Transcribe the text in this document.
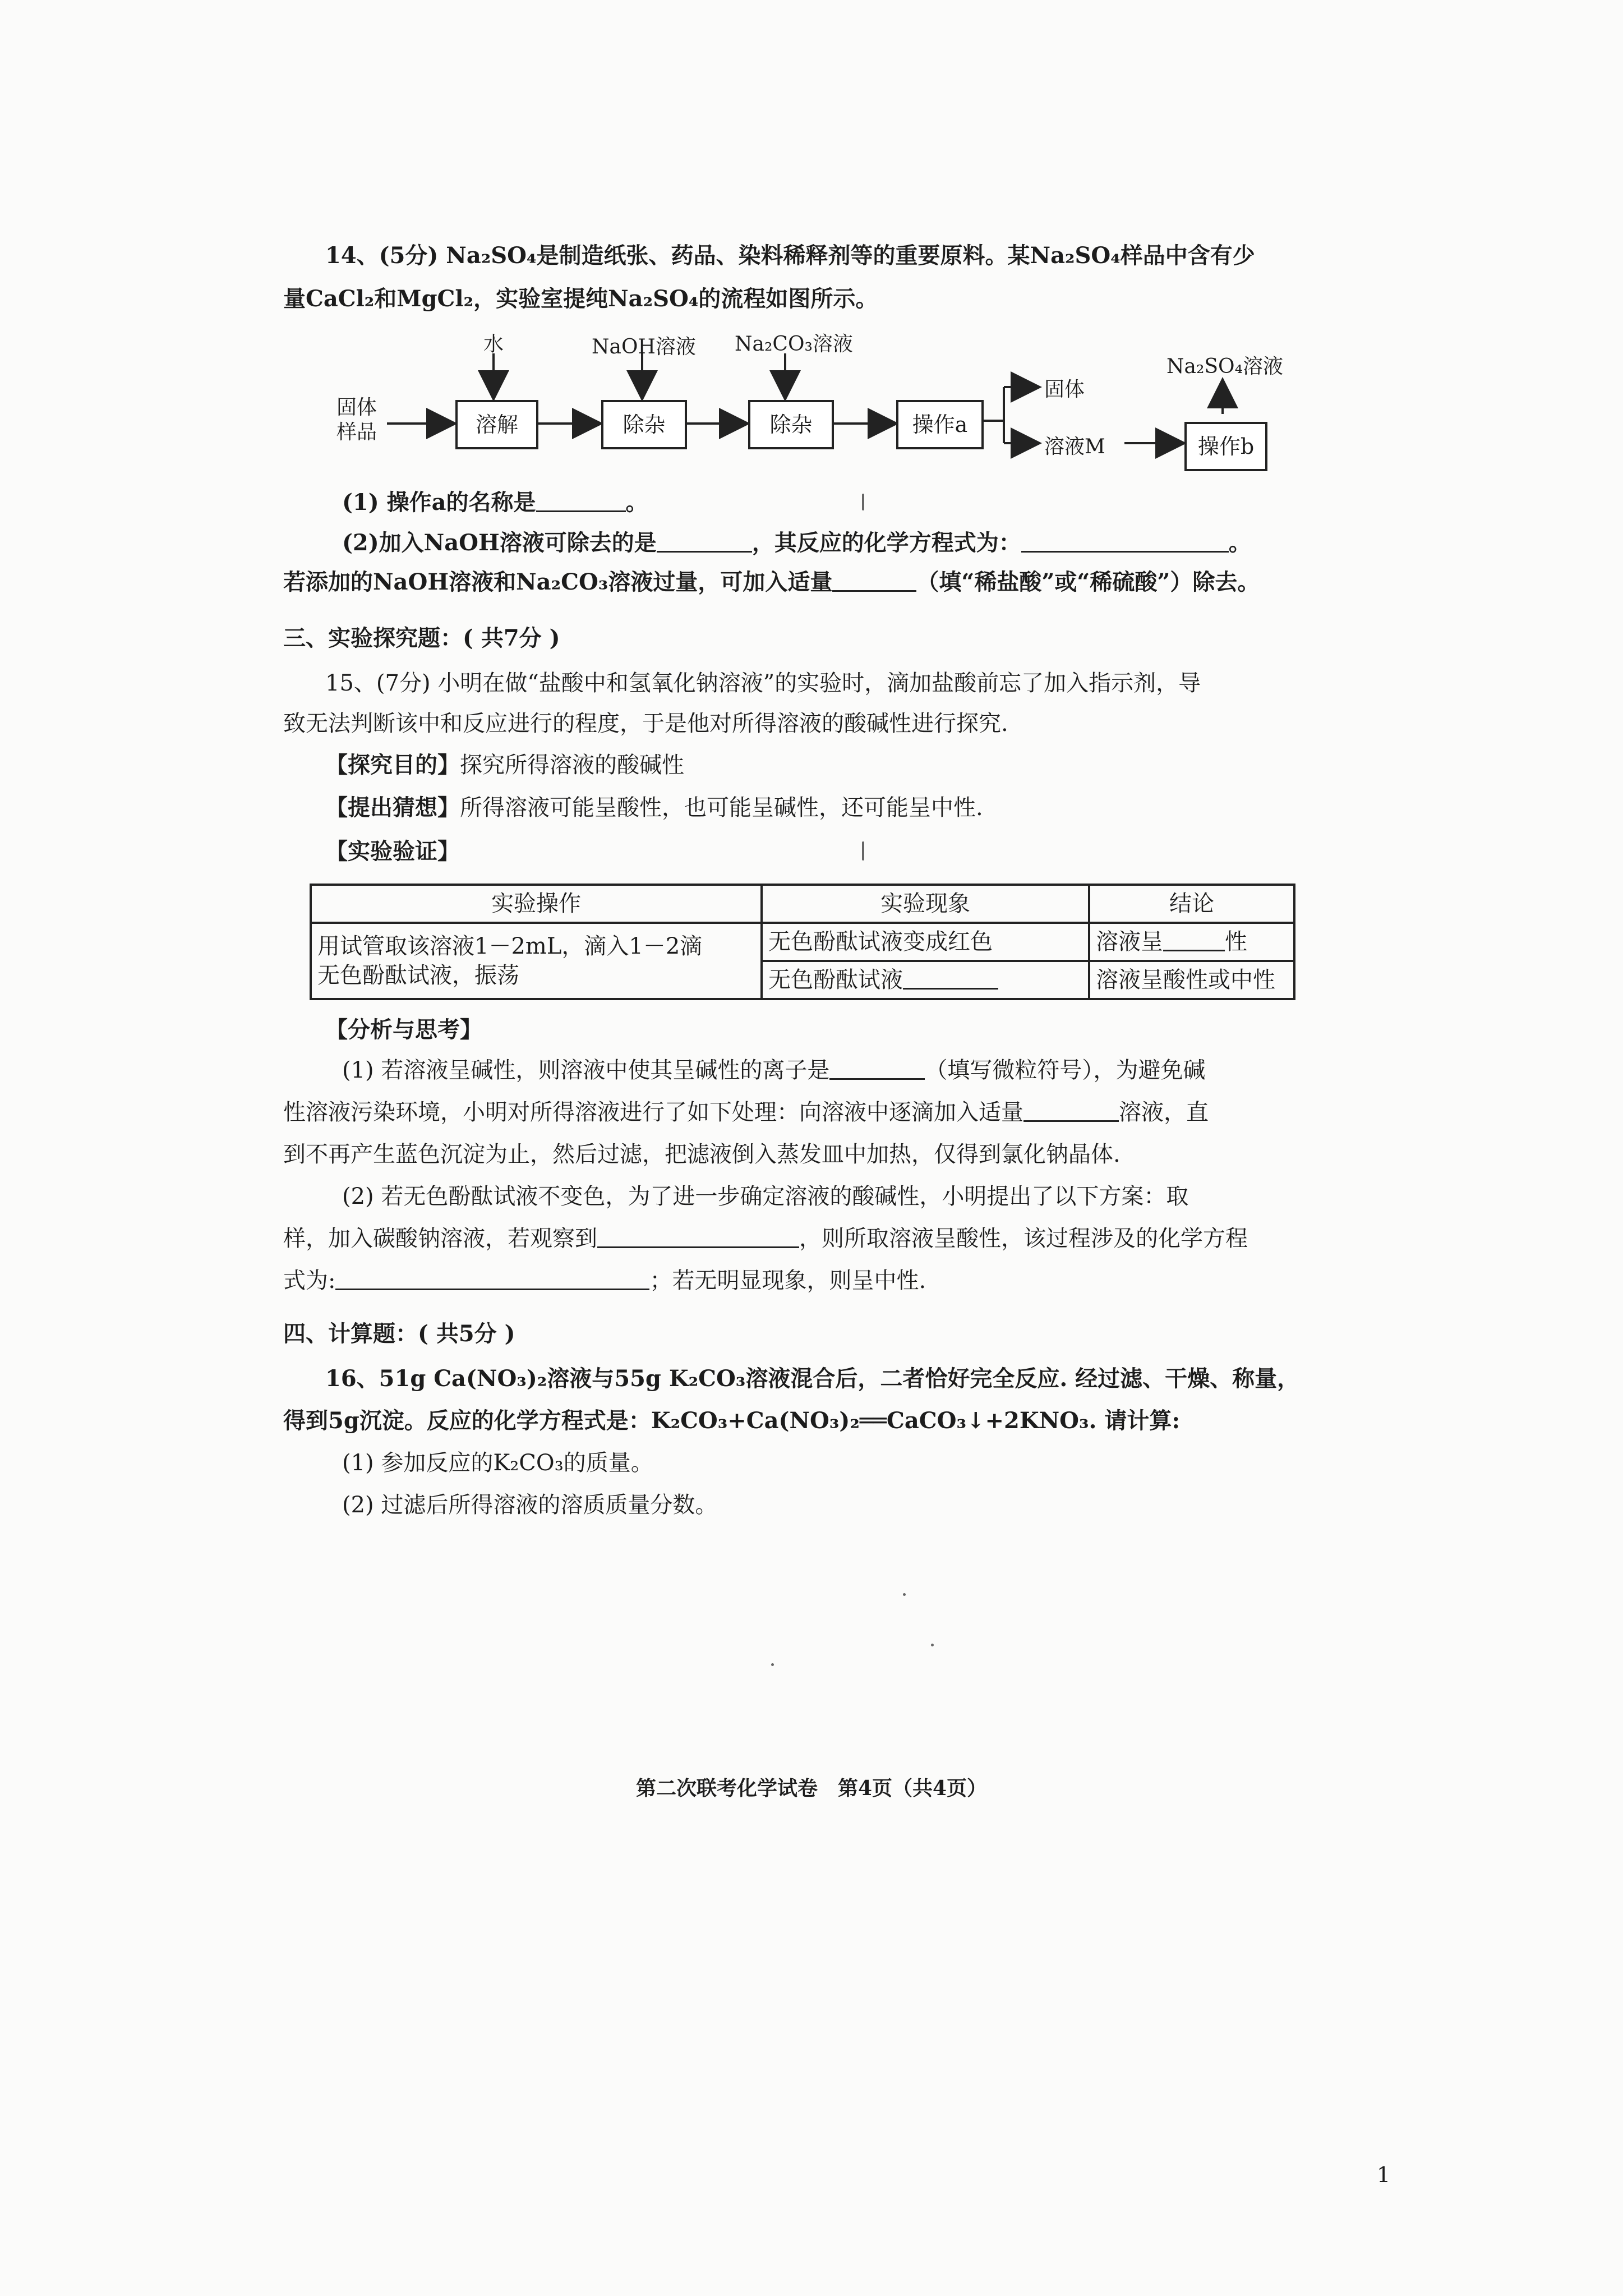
14、(5分) Na₂SO₄是制造纸张、药品、染料稀释剂等的重要原料。某Na₂SO₄样品中含有少
量CaCl₂和MgCl₂，实验室提纯Na₂SO₄的流程如图所示。
固体
样品	溶解	除杂	除杂	操作a
操作b
水	NaOH溶液 Na₂CO₃溶液
固体
溶液M
Na₂SO₄溶液
(1) 操作a的名称是	。
(2)加入NaOH溶液可除去的是	，其反应的化学方程式为：	。
若添加的NaOH溶液和Na₂CO₃溶液过量，可加入适量	（填“稀盐酸”或“稀硫酸”）除去。
三、实验探究题：( 共7分 )
15、(7分) 小明在做“盐酸中和氢氧化钠溶液”的实验时，滴加盐酸前忘了加入指示剂，导
致无法判断该中和反应进行的程度，于是他对所得溶液的酸碱性进行探究.
【探究目的】探究所得溶液的酸碱性
【提出猜想】所得溶液可能呈酸性，也可能呈碱性，还可能呈中性.
【实验验证】
实验操作	实验现象	结论

用试管取该溶液1－2mL，滴入1－2滴
无色酚酞试液，振荡	无色酚酞试液变成红色	溶液呈 性
	无色酚酞试液	溶液呈酸性或中性
【分析与思考】
(1) 若溶液呈碱性，则溶液中使其呈碱性的离子是	（填写微粒符号），为避免碱
性溶液污染环境，小明对所得溶液进行了如下处理：向溶液中逐滴加入适量	溶液，直
到不再产生蓝色沉淀为止，然后过滤，把滤液倒入蒸发皿中加热，仅得到氯化钠晶体.
(2) 若无色酚酞试液不变色，为了进一步确定溶液的酸碱性，小明提出了以下方案：取
样，加入碳酸钠溶液，若观察到	，则所取溶液呈酸性，该过程涉及的化学方程
式为:	；若无明显现象，则呈中性.
四、计算题：( 共5分 )
16、51g Ca(NO₃)₂溶液与55g K₂CO₃溶液混合后，二者恰好完全反应. 经过滤、干燥、称量，
得到5g沉淀。反应的化学方程式是：K₂CO₃+Ca(NO₃)₂══CaCO₃↓+2KNO₃. 请计算:
(1) 参加反应的K₂CO₃的质量。
(2) 过滤后所得溶液的溶质质量分数。
第二次联考化学试卷　第4页（共4页）
1
